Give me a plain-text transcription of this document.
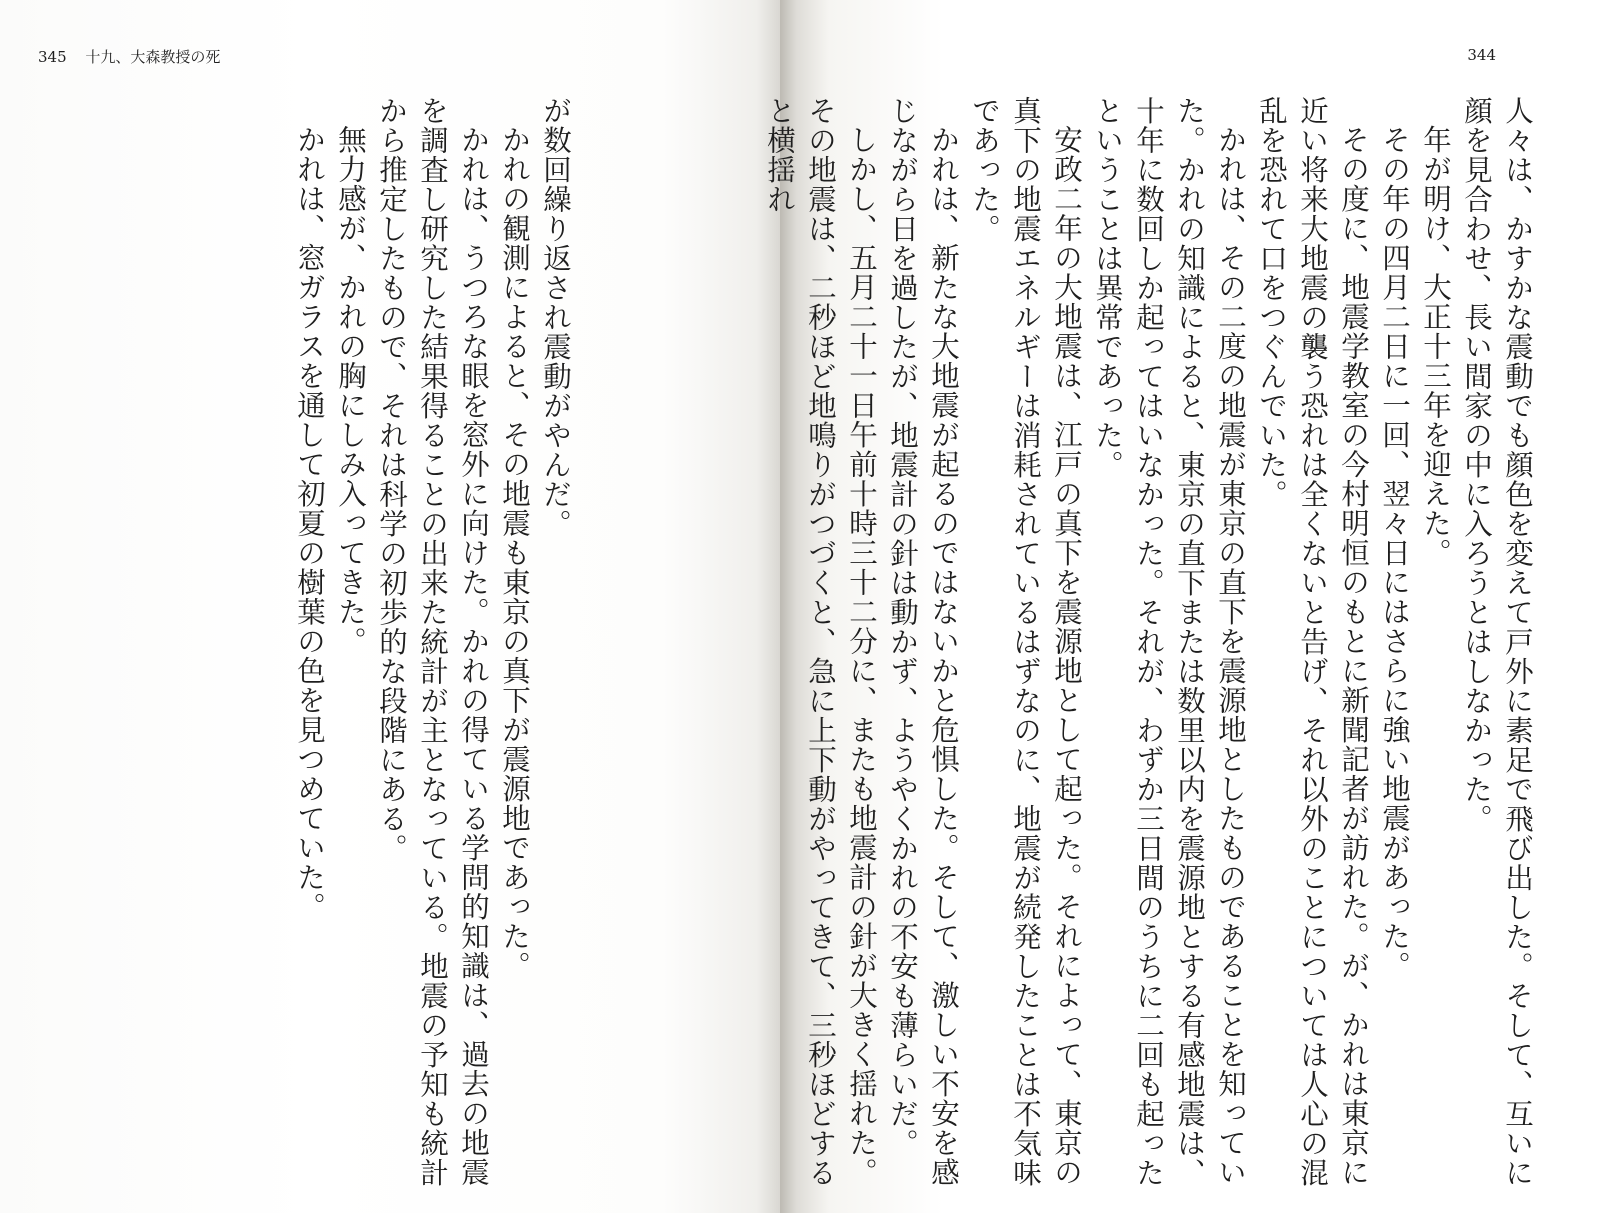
345 十九、大森教授の死

が数回繰り返され震動がやんだ。

かれの観測によると、その地震も東京の真下が震源地であった。

かれは、うつろな眼を窓外に向けた。かれの得ている学問的知識は、過去の地震を調査し研究した結果得ることの出来た統計が主となっている。地震の予知も統計から推定したもので、それは科学の初歩的な段階にある。

無力感が、かれの胸にしみ入ってきた。

かれは、窓ガラスを通して初夏の樹葉の色を見つめていた。

344

人々は、かすかな震動でも顔色を変えて戸外に素足で飛び出した。そして、互いに顔を見合わせ、長い間家の中に入ろうとはしなかった。

年が明け、大正十三年を迎えた。

その年の四月二日に一回、翌々日にはさらに強い地震があった。

その度に、地震学教室の今村明恒のもとに新聞記者が訪れた。が、かれは東京に近い将来大地震の襲う恐れは全くないと告げ、それ以外のことについては人心の混乱を恐れて口をつぐんでいた。

かれは、その二度の地震が東京の直下を震源地としたものであることを知っていた。かれの知識によると、東京の直下または数里以内を震源地とする有感地震は、十年に数回しか起ってはいなかった。それが、わずか三日間のうちに二回も起ったということは異常であった。

安政二年の大地震は、江戸の真下を震源地として起った。それによって、東京の真下の地震エネルギーは消耗されているはずなのに、地震が続発したことは不気味であった。

かれは、新たな大地震が起るのではないかと危惧した。そして、激しい不安を感じながら日を過したが、地震計の針は動かず、ようやくかれの不安も薄らいだ。

しかし、五月二十一日午前十時三十二分に、またも地震計の針が大きく揺れた。その地震は、二秒ほど地鳴りがつづくと、急に上下動がやってきて、三秒ほどすると横揺れ
